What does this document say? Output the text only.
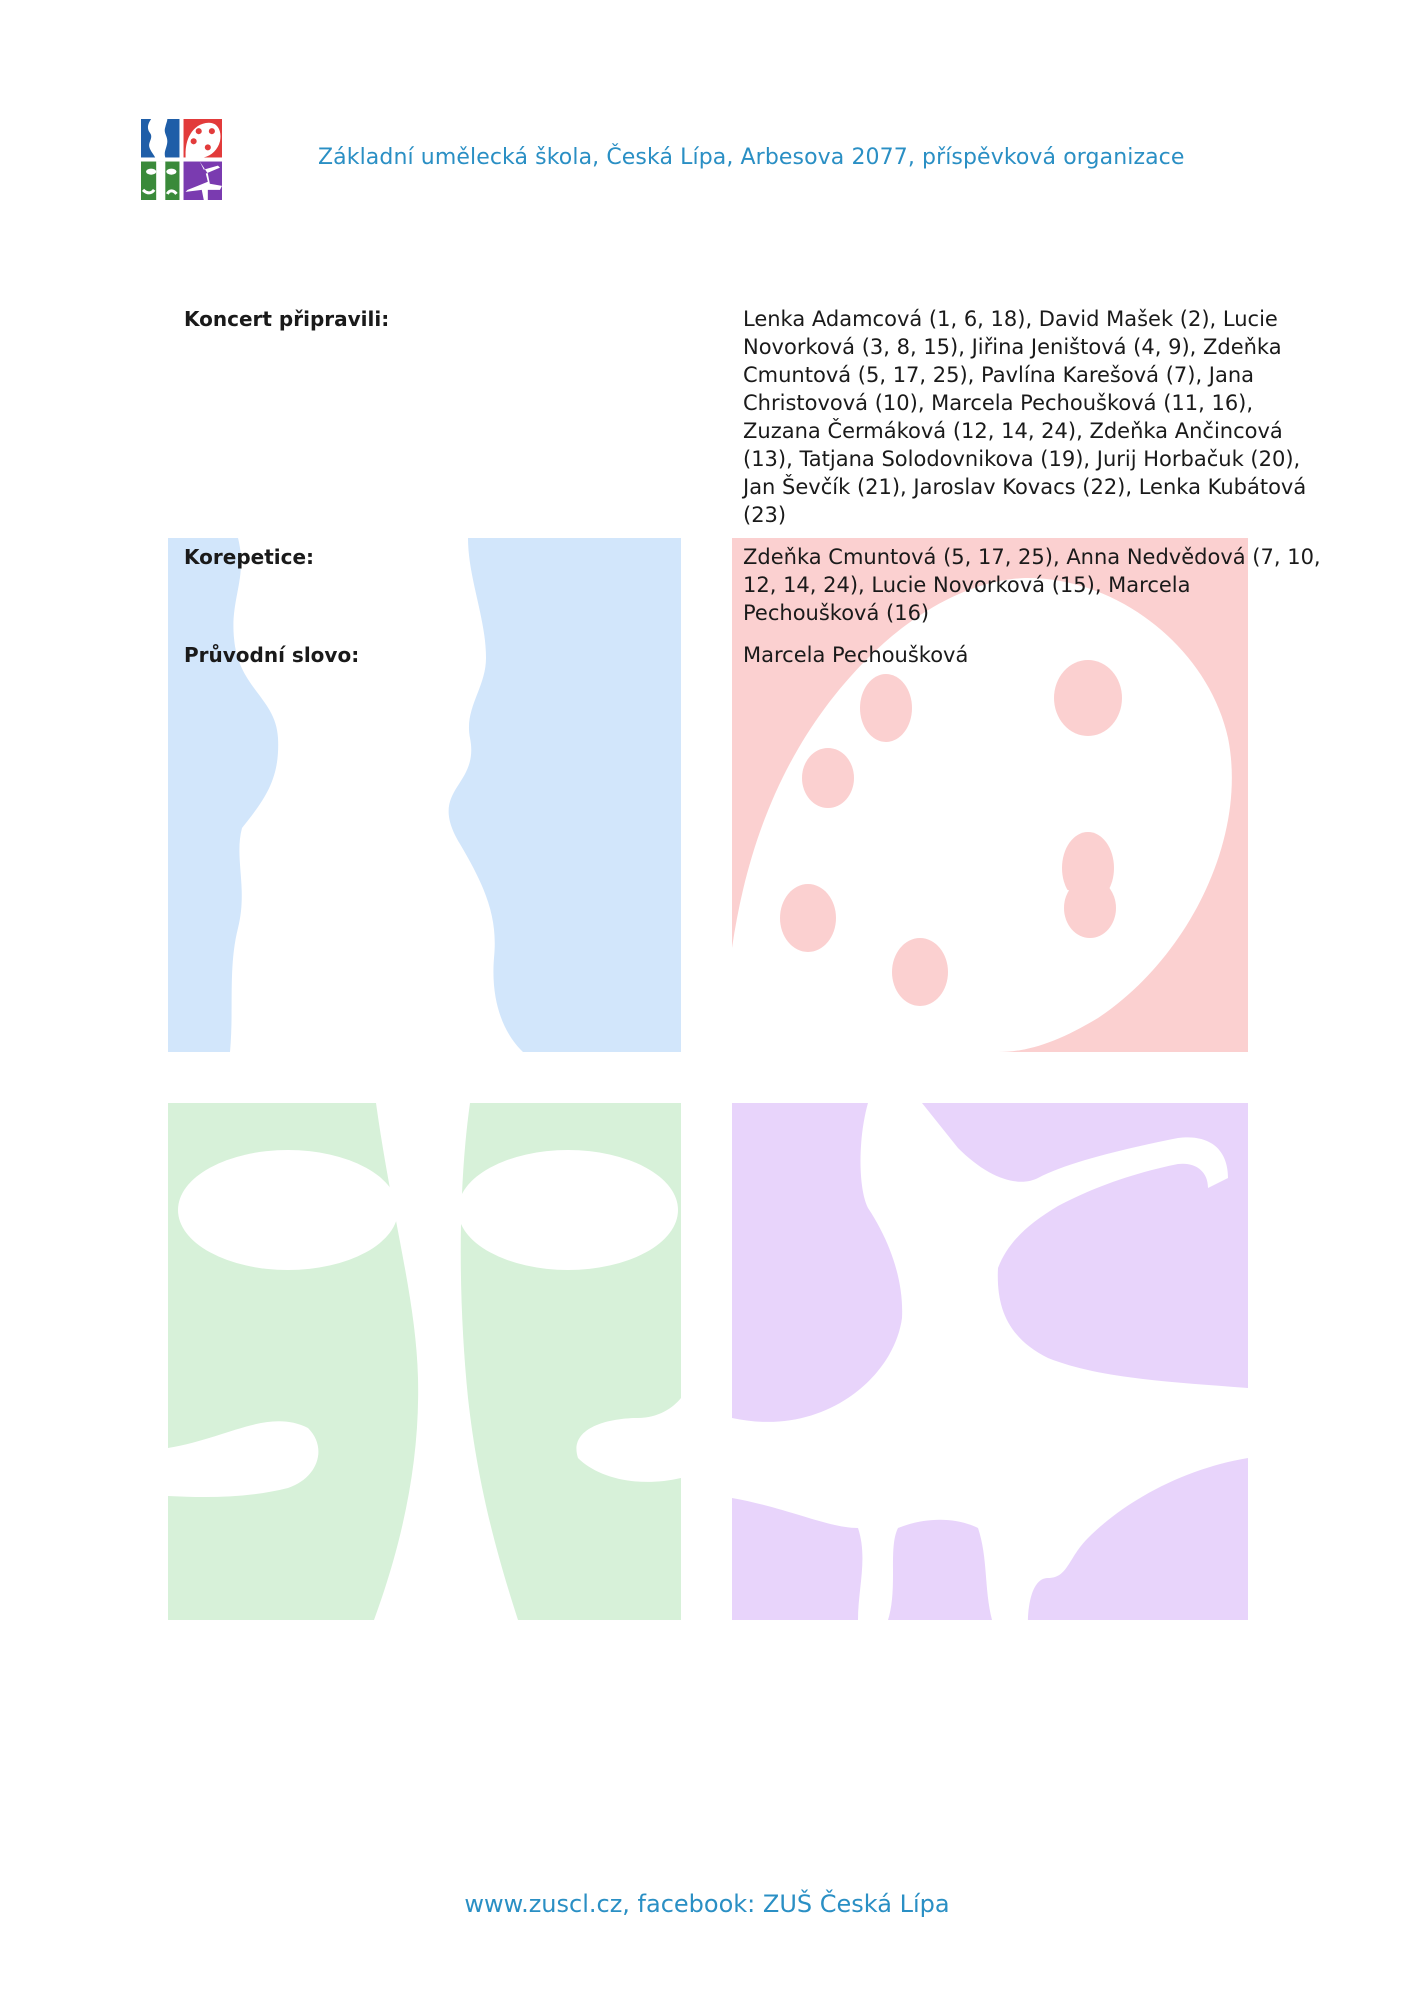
Základní umělecká škola, Česká Lípa, Arbesova 2077, příspěvková organizace
Koncert připravili:	Lenka Adamcová (1, 6, 18), David Mašek (2), Lucie Novorková (3, 8, 15), Jiřina Jeništová (4, 9), Zdeňka Cmuntová (5, 17, 25), Pavlína Karešová (7), Jana Christovová (10), Marcela Pechoušková (11, 16), Zuzana Čermáková (12, 14, 24), Zdeňka Ančincová (13), Tatjana Solodovnikova (19), Jurij Horbačuk (20), Jan Ševčík (21), Jaroslav Kovacs (22), Lenka Kubátová (23)
Korepetice:	Zdeňka Cmuntová (5, 17, 25), Anna Nedvědová (7, 10, 12, 14, 24), Lucie Novorková (15), Marcela Pechoušková (16)
Průvodní slovo:	Marcela Pechoušková
www.zuscl.cz, facebook: ZUŠ Česká Lípa
